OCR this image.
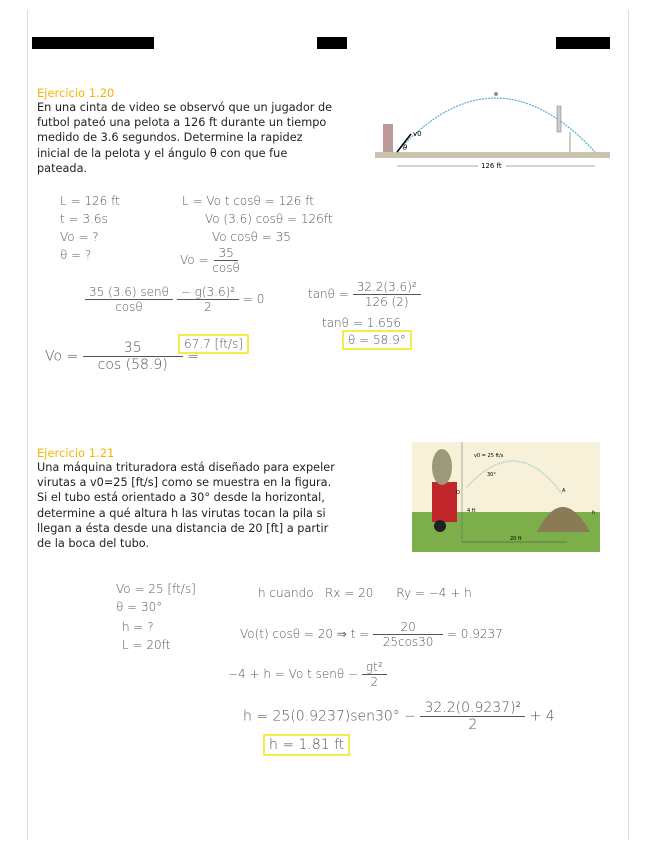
Ejercicio 1.20
En una cinta de video se observó que un jugador de futbol pateó una pelota a 126 ft durante un tiempo medido de 3.6 segundos. Determine la rapidez inicial de la pelota y el ángulo θ con que fue pateada.
v0
θ
126 ft
L = 126 ft
t = 3.6s
Vo = ?
θ = ?
L = Vo t cosθ = 126 ft
Vo (3.6) cosθ = 126ft
Vo cosθ = 35
$Vo = \frac{35}{\cos\theta}$
$\frac{\text{35 (3.6) senθ}}{\cos\theta}$
$\frac{\text{− g(3.6)²}}{2} = 0$	$\tan\theta = \frac{\text{32.2(3.6)²}}{126 (2)}$
tanθ = 1.656
θ = 58.9°
$Vo = \frac{35}{\cos (58.9)}$ =
67.7 [ft/s]
Ejercicio 1.21
Una máquina trituradora está diseñado para expeler virutas a v0=25 [ft/s] como se muestra en la figura. Si el tubo está orientado a 30° desde la horizontal, determine a qué altura h las virutas tocan la pila si llegan a ésta desde una distancia de 20 [ft] a partir de la boca del tubo.
v0 = 25 ft/s
30°
4 ft
O	A
h
20 ft
Vo = 25 [ft/s]
θ = 30°
h = ?
L = 20ft
h cuando   Rx = 20      Ry = −4 + h
Vo(t) cosθ = 20 ⇒ $t = \frac{20}{25\cos 30} = 0.9237$
−4 + h = Vo t $sen\theta - \frac{\text{gt²}}{2}$
$h = 25(0.9237)sen30^\circ - \frac{\text{32.2(0.9237)²}}{2} + 4$
h = 1.81 ft
